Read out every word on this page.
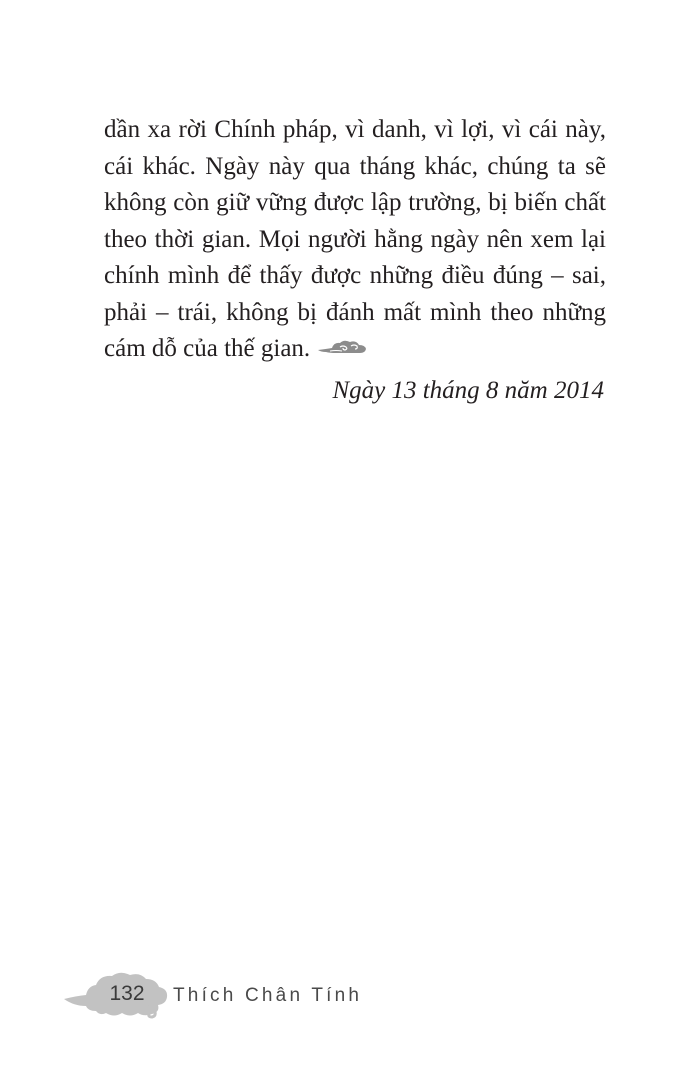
dần xa rời Chính pháp, vì danh, vì lợi, vì cái này,
cái khác. Ngày này qua tháng khác, chúng ta sẽ
không còn giữ vững được lập trường, bị biến chất
theo thời gian. Mọi người hằng ngày nên xem lại
chính mình để thấy được những điều đúng – sai,
phải – trái, không bị đánh mất mình theo những
cám dỗ của thế gian.
Ngày 13 tháng 8 năm 2014
132	Thích Chân Tính
